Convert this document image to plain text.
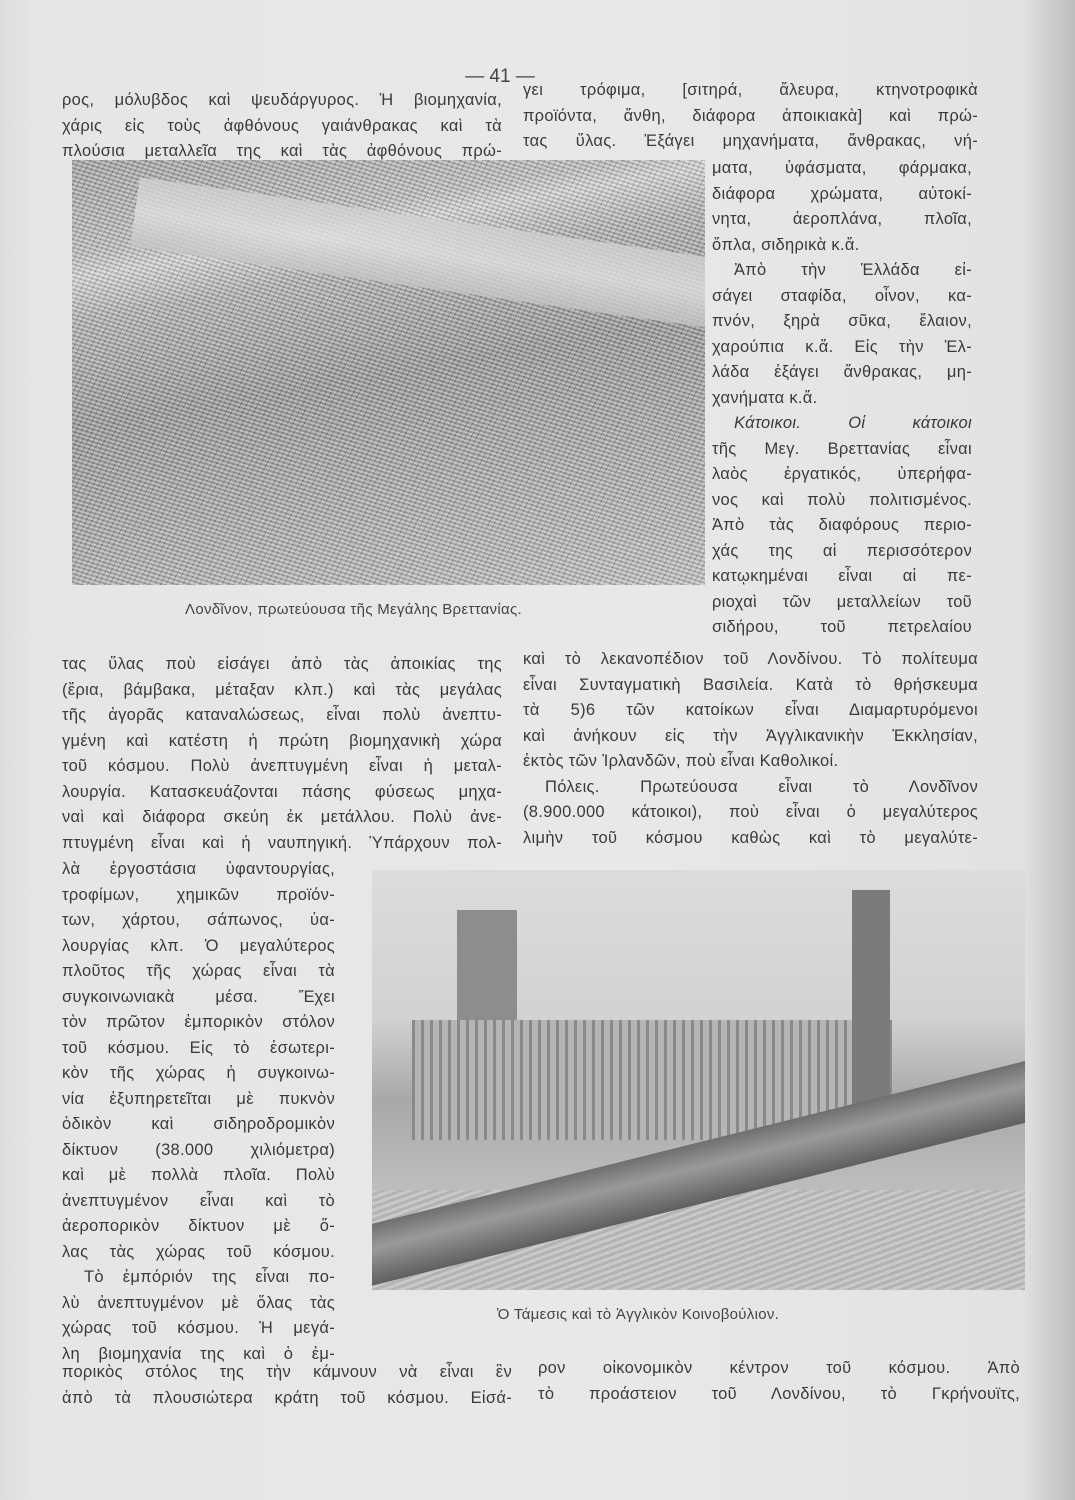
— 41 —
ρος, μόλυβδος καὶ ψευδάργυρος. Ἡ βιομηχανία,
χάρις εἰς τοὺς ἀφθόνους γαιάνθρακας καὶ τὰ
πλούσια μεταλλεῖα της καὶ τὰς ἀφθόνους πρώ-
γει τρόφιμα, [σιτηρά, ἄλευρα, κτηνοτροφικὰ
προϊόντα, ἄνθη, διάφορα ἀποικιακὰ] καὶ πρώ-
τας ὕλας. Ἐξάγει μηχανήματα, ἄνθρακας, νή-
Λονδῖνον, πρωτεύουσα τῆς Μεγάλης Βρεττανίας.
ματα, ὑφάσματα, φάρμακα,
διάφορα χρώματα, αὐτοκί-
νητα, ἀεροπλάνα, πλοῖα,
ὅπλα, σιδηρικὰ κ.ἄ.
Ἀπὸ τὴν Ἑλλάδα εἰ-
σάγει σταφίδα, οἶνον, κα-
πνόν, ξηρὰ σῦκα, ἔλαιον,
χαρούπια κ.ἄ. Εἰς τὴν Ἑλ-
λάδα ἐξάγει ἄνθρακας, μη-
χανήματα κ.ἄ.
Κάτοικοι. Οἱ κάτοικοι
τῆς Μεγ. Βρεττανίας εἶναι
λαὸς ἐργατικός, ὑπερήφα-
νος καὶ πολὺ πολιτισμένος.
Ἀπὸ τὰς διαφόρους περιο-
χάς της αἱ περισσότερον
κατῳκημέναι εἶναι αἱ πε-
ριοχαὶ τῶν μεταλλείων τοῦ
σιδήρου, τοῦ πετρελαίου
τας ὕλας ποὺ εἰσάγει ἀπὸ τὰς ἀποικίας της
(ἔρια, βάμβακα, μέταξαν κλπ.) καὶ τὰς μεγάλας
τῆς ἀγορᾶς καταναλώσεως, εἶναι πολὺ ἀνεπτυ-
γμένη καὶ κατέστη ἡ πρώτη βιομηχανικὴ χώρα
τοῦ κόσμου. Πολὺ ἀνεπτυγμένη εἶναι ἡ μεταλ-
λουργία. Κατασκευάζονται πάσης φύσεως μηχα-
ναὶ καὶ διάφορα σκεύη ἐκ μετάλλου. Πολὺ ἀνε-
πτυγμένη εἶναι καὶ ἡ ναυπηγική. Ὑπάρχουν πολ-
καὶ τὸ λεκανοπέδιον τοῦ Λονδίνου. Τὸ πολίτευμα
εἶναι Συνταγματικὴ Βασιλεία. Κατὰ τὸ θρήσκευμα
τὰ 5)6 τῶν κατοίκων εἶναι Διαμαρτυρόμενοι
καὶ ἀνήκουν εἰς τὴν Ἀγγλικανικὴν Ἐκκλησίαν,
ἐκτὸς τῶν Ἰρλανδῶν, ποὺ εἶναι Καθολικοί.
Πόλεις. Πρωτεύουσα εἶναι τὸ Λονδῖνον
(8.900.000 κάτοικοι), ποὺ εἶναι ὁ μεγαλύτερος
λιμὴν τοῦ κόσμου καθὼς καὶ τὸ μεγαλύτε-
λὰ ἐργοστάσια ὑφαντουργίας,
τροφίμων, χημικῶν προϊόν-
των, χάρτου, σάπωνος, ὑα-
λουργίας κλπ. Ὁ μεγαλύτερος
πλοῦτος τῆς χώρας εἶναι τὰ
συγκοινωνιακὰ μέσα. Ἔχει
τὸν πρῶτον ἐμπορικὸν στόλον
τοῦ κόσμου. Εἰς τὸ ἐσωτερι-
κὸν τῆς χώρας ἡ συγκοινω-
νία ἐξυπηρετεῖται μὲ πυκνὸν
ὁδικὸν καὶ σιδηροδρομικὸν
δίκτυον (38.000 χιλιόμετρα)
καὶ μὲ πολλὰ πλοῖα. Πολὺ
ἀνεπτυγμένον εἶναι καὶ τὸ
ἀεροπορικὸν δίκτυον μὲ ὅ-
λας τὰς χώρας τοῦ κόσμου.
Τὸ ἐμπόριόν της εἶναι πο-
λὺ ἀνεπτυγμένον μὲ ὅλας τὰς
χώρας τοῦ κόσμου. Ἡ μεγά-
λη βιομηχανία της καὶ ὁ ἐμ-
Ὁ Τάμεσις καὶ τὸ Ἀγγλικὸν Κοινοβούλιον.
πορικὸς στόλος της τὴν κάμνουν νὰ εἶναι ἓν
ἀπὸ τὰ πλουσιώτερα κράτη τοῦ κόσμου. Εἰσά-
ρον οἰκονομικὸν κέντρον τοῦ κόσμου. Ἀπὸ
τὸ προάστειον τοῦ Λονδίνου, τὸ Γκρήνουϊτς,
